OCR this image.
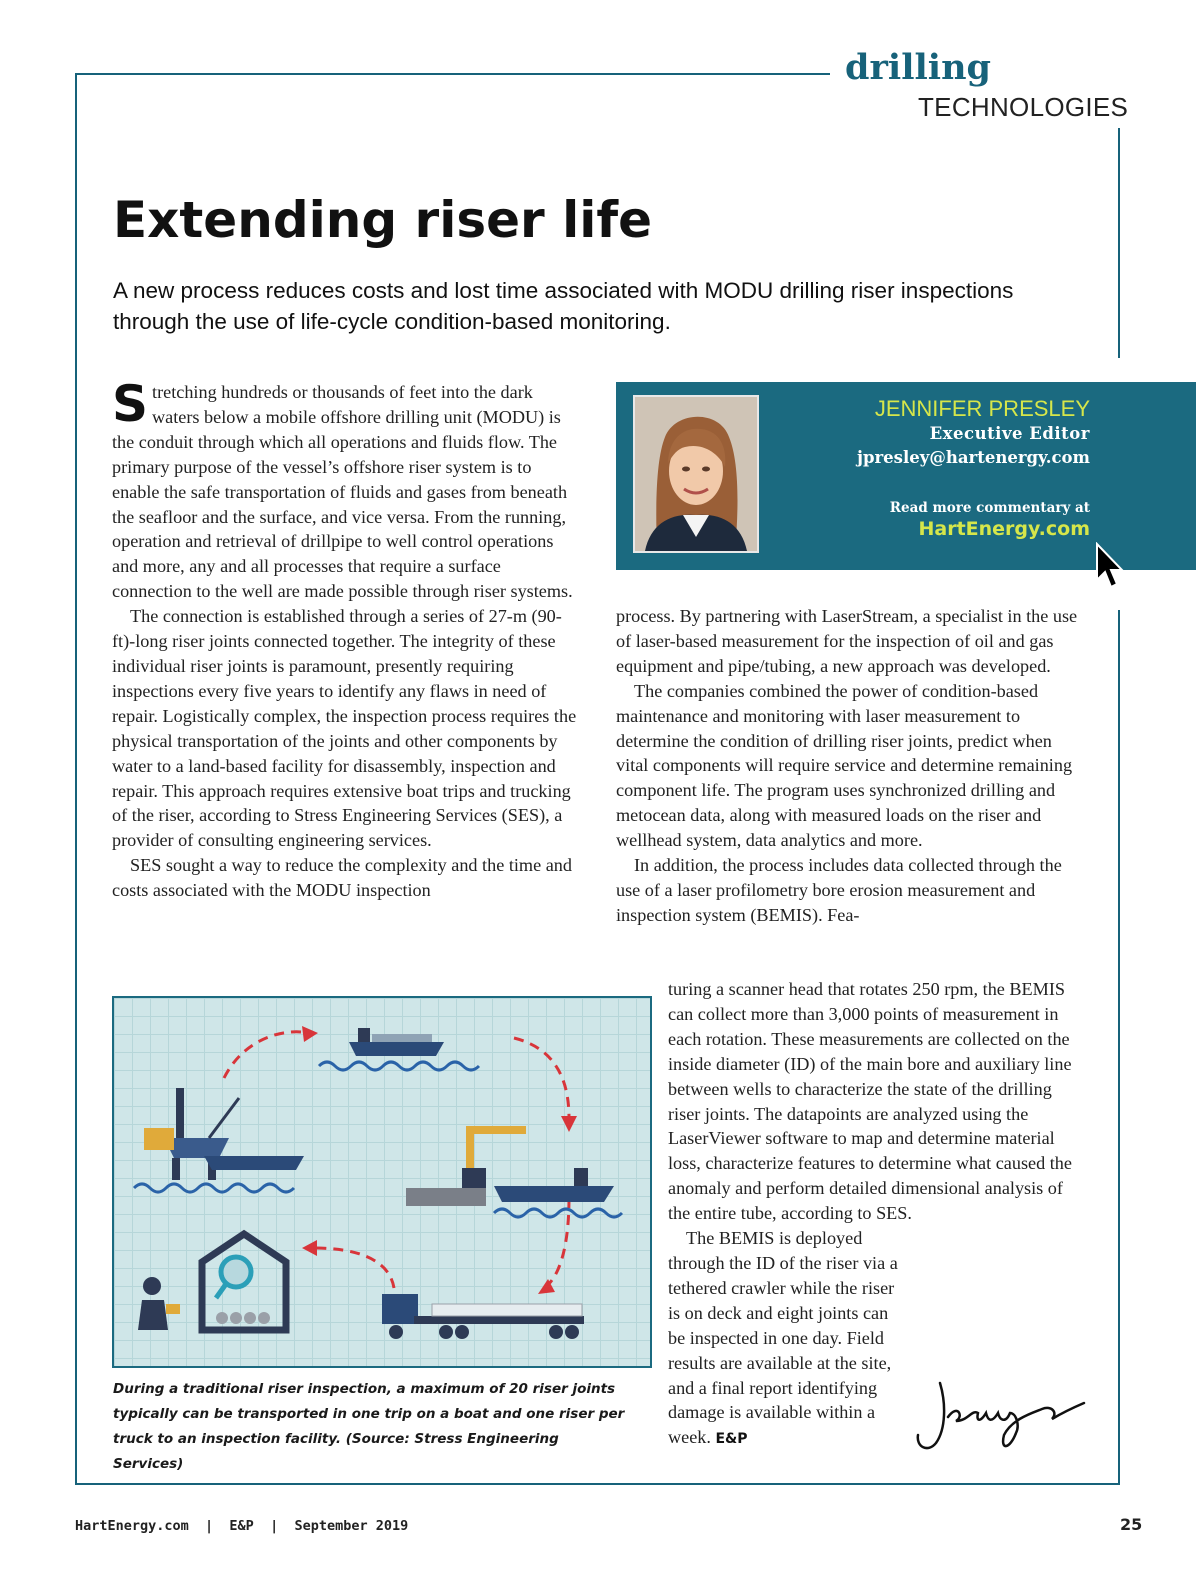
drilling
TECHNOLOGIES
Extending riser life
A new process reduces costs and lost time associated with MODU drilling riser inspections through the use of life-cycle condition-based monitoring.

Stretching hundreds or thousands of feet into the dark waters below a mobile offshore drilling unit (MODU) is the conduit through which all operations and fluids flow. The primary purpose of the vessel’s offshore riser system is to enable the safe transportation of fluids and gases from beneath the seafloor and the surface, and vice versa. From the running, operation and retrieval of drillpipe to well control operations and more, any and all processes that require a surface connection to the well are made possible through riser systems.

The connection is established through a series of 27-m (90-ft)-long riser joints connected together. The integrity of these individual riser joints is paramount, presently requiring inspections every five years to identify any flaws in need of repair. Logistically complex, the inspection process requires the physical transportation of the joints and other components by water to a land-based facility for disassembly, inspection and repair. This approach requires extensive boat trips and trucking of the riser, according to Stress Engineering Services (SES), a provider of consulting engineering services.

SES sought a way to reduce the complexity and the time and costs associated with the MODU inspection

JENNIFER PRESLEY
Executive Editor
jpresley@hartenergy.com
Read more commentary at
HartEnergy.com

process. By partnering with LaserStream, a specialist in the use of laser-based measurement for the inspection of oil and gas equipment and pipe/tubing, a new approach was developed.

The companies combined the power of condition-based maintenance and monitoring with laser measurement to determine the condition of drilling riser joints, predict when vital components will require service and determine remaining component life. The program uses synchronized drilling and metocean data, along with measured loads on the riser and wellhead system, data analytics and more.

In addition, the process includes data collected through the use of a laser profilometry bore erosion measurement and inspection system (BEMIS). Fea-

During a traditional riser inspection, a maximum of 20 riser joints typically can be transported in one trip on a boat and one riser per truck to an inspection facility. (Source: Stress Engineering Services)

turing a scanner head that rotates 250 rpm, the BEMIS can collect more than 3,000 points of measurement in each rotation. These measurements are collected on the inside diameter (ID) of the main bore and auxiliary line between wells to characterize the state of the drilling riser joints. The datapoints are analyzed using the LaserViewer software to map and determine material loss, characterize features to determine what caused the anomaly and perform detailed dimensional analysis of the entire tube, according to SES.

The BEMIS is deployed through the ID of the riser via a tethered crawler while the riser is on deck and eight joints can be inspected in one day. Field results are available at the site, and a final report identifying damage is available within a week. E&P

HartEnergy.com  |  E&P  |  September 2019	25
